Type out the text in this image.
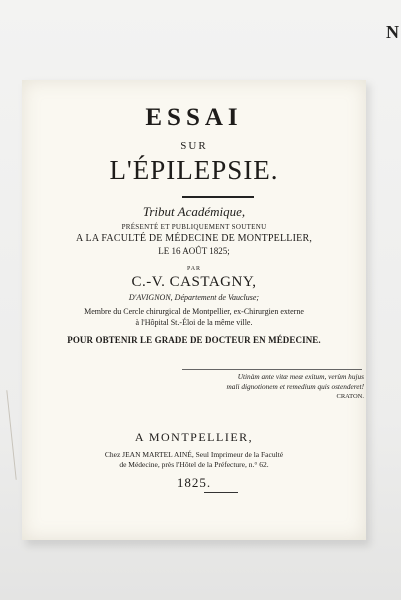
N
ESSAI
SUR
L'ÉPILEPSIE.
Tribut Académique,
PRÉSENTÉ ET PUBLIQUEMENT SOUTENU
A LA FACULTÉ DE MÉDECINE DE MONTPELLIER,
LE 16 AOÛT 1825;
PAR
C.-V. CASTAGNY,
D'AVIGNON, Département de Vaucluse;
Membre du Cercle chirurgical de Montpellier, ex-Chirurgien externe
à l'Hôpital St.-Éloi de la même ville.
POUR OBTENIR LE GRADE DE DOCTEUR EN MÉDECINE.
Utinàm ante vitæ meæ exitum, verùm hujus
mali dignotionem et remedium quis ostenderet!
CRATON.
A MONTPELLIER,
Chez JEAN MARTEL AINÉ, Seul Imprimeur de la Faculté
de Médecine, près l'Hôtel de la Préfecture, n.° 62.
1825.
